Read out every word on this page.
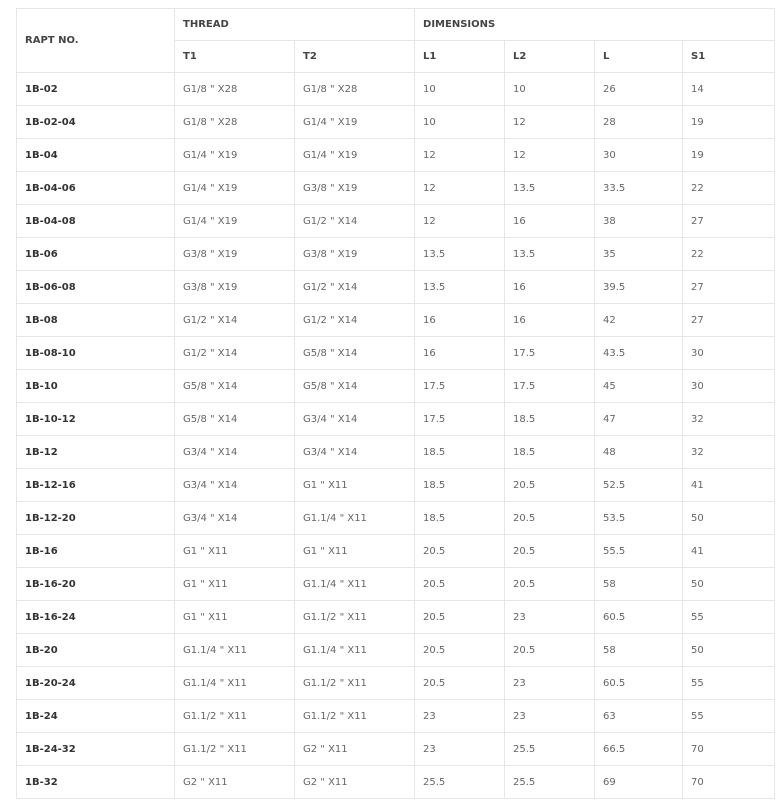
RAPT NO.	THREAD		DIMENSIONS			
	T1	T2	L1	L2	L	S1
1B-02	G1/8 " X28	G1/8 " X28	10	10	26	14
1B-02-04	G1/8 " X28	G1/4 " X19	10	12	28	19
1B-04	G1/4 " X19	G1/4 " X19	12	12	30	19
1B-04-06	G1/4 " X19	G3/8 " X19	12	13.5	33.5	22
1B-04-08	G1/4 " X19	G1/2 " X14	12	16	38	27
1B-06	G3/8 " X19	G3/8 " X19	13.5	13.5	35	22
1B-06-08	G3/8 " X19	G1/2 " X14	13.5	16	39.5	27
1B-08	G1/2 " X14	G1/2 " X14	16	16	42	27
1B-08-10	G1/2 " X14	G5/8 " X14	16	17.5	43.5	30
1B-10	G5/8 " X14	G5/8 " X14	17.5	17.5	45	30
1B-10-12	G5/8 " X14	G3/4 " X14	17.5	18.5	47	32
1B-12	G3/4 " X14	G3/4 " X14	18.5	18.5	48	32
1B-12-16	G3/4 " X14	G1 " X11	18.5	20.5	52.5	41
1B-12-20	G3/4 " X14	G1.1/4 " X11	18.5	20.5	53.5	50
1B-16	G1 " X11	G1 " X11	20.5	20.5	55.5	41
1B-16-20	G1 " X11	G1.1/4 " X11	20.5	20.5	58	50
1B-16-24	G1 " X11	G1.1/2 " X11	20.5	23	60.5	55
1B-20	G1.1/4 " X11	G1.1/4 " X11	20.5	20.5	58	50
1B-20-24	G1.1/4 " X11	G1.1/2 " X11	20.5	23	60.5	55
1B-24	G1.1/2 " X11	G1.1/2 " X11	23	23	63	55
1B-24-32	G1.1/2 " X11	G2 " X11	23	25.5	66.5	70
1B-32	G2 " X11	G2 " X11	25.5	25.5	69	70
